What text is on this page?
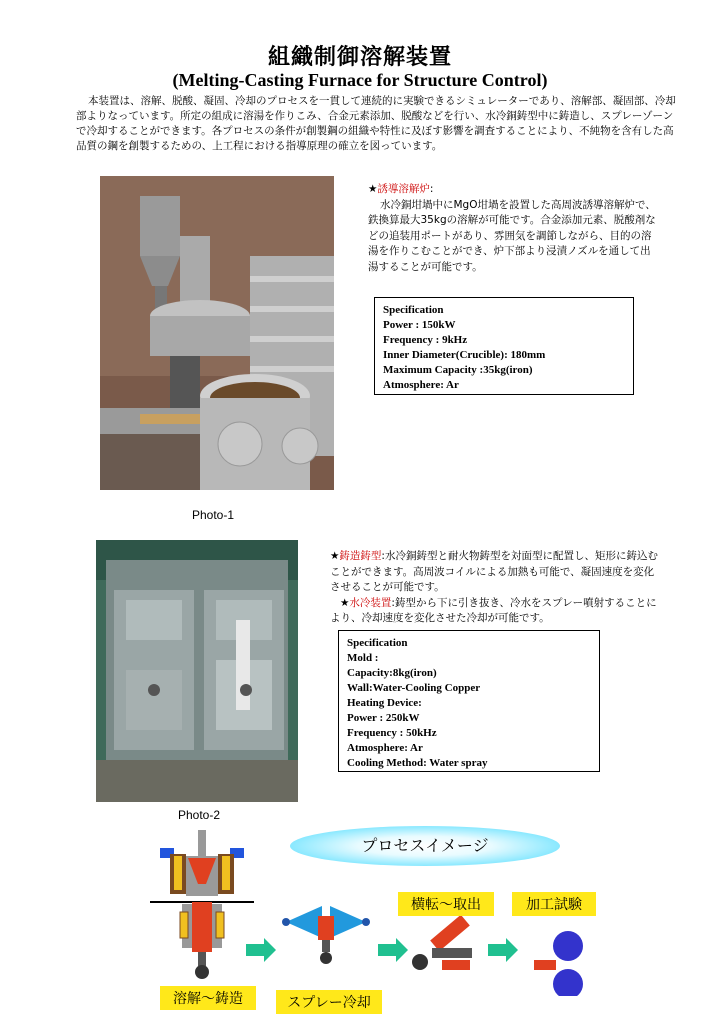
組織制御溶解装置
(Melting-Casting Furnace for Structure Control)

本装置は、溶解、脱酸、凝固、冷却のプロセスを一貫して連続的に実験できるシミュレーターであり、溶解部、凝固部、冷却部よりなっています。所定の組成に溶湯を作りこみ、合金元素添加、脱酸などを行い、水冷銅鋳型中に鋳造し、スプレーゾーンで冷却することができます。各プロセスの条件が創製鋼の組織や特性に及ぼす影響を調査することにより、不純物を含有した高品質の鋼を創製するための、上工程における指導原理の確立を図っています。

Photo-1
★誘導溶解炉:

水冷銅坩堝中にMgO坩堝を設置した高周波誘導溶解炉で、鉄換算最大35kgの溶解が可能です。合金添加元素、脱酸剤などの追装用ポートがあり、雰囲気を調節しながら、目的の溶湯を作りこむことができ、炉下部より浸漬ノズルを通して出湯することが可能です。
Specification
Power : 150kW
Frequency : 9kHz
Inner Diameter(Crucible): 180mm
Maximum Capacity :35kg(iron)
Atmosphere: Ar
Photo-2
★鋳造鋳型:水冷銅鋳型と耐火物鋳型を対面型に配置し、矩形に鋳込むことができます。高周波コイルによる加熱も可能で、凝固速度を変化させることが可能です。
★水冷装置:鋳型から下に引き抜き、冷水をスプレー噴射することにより、冷却速度を変化させた冷却が可能です。
Specification
Mold :
Capacity:8kg(iron)
Wall:Water-Cooling Copper
Heating Device:
Power : 250kW
Frequency : 50kHz
Atmosphere: Ar
Cooling Method: Water spray
プロセスイメージ
溶解～鋳造	スプレー冷却
横転～取出	加工試験
